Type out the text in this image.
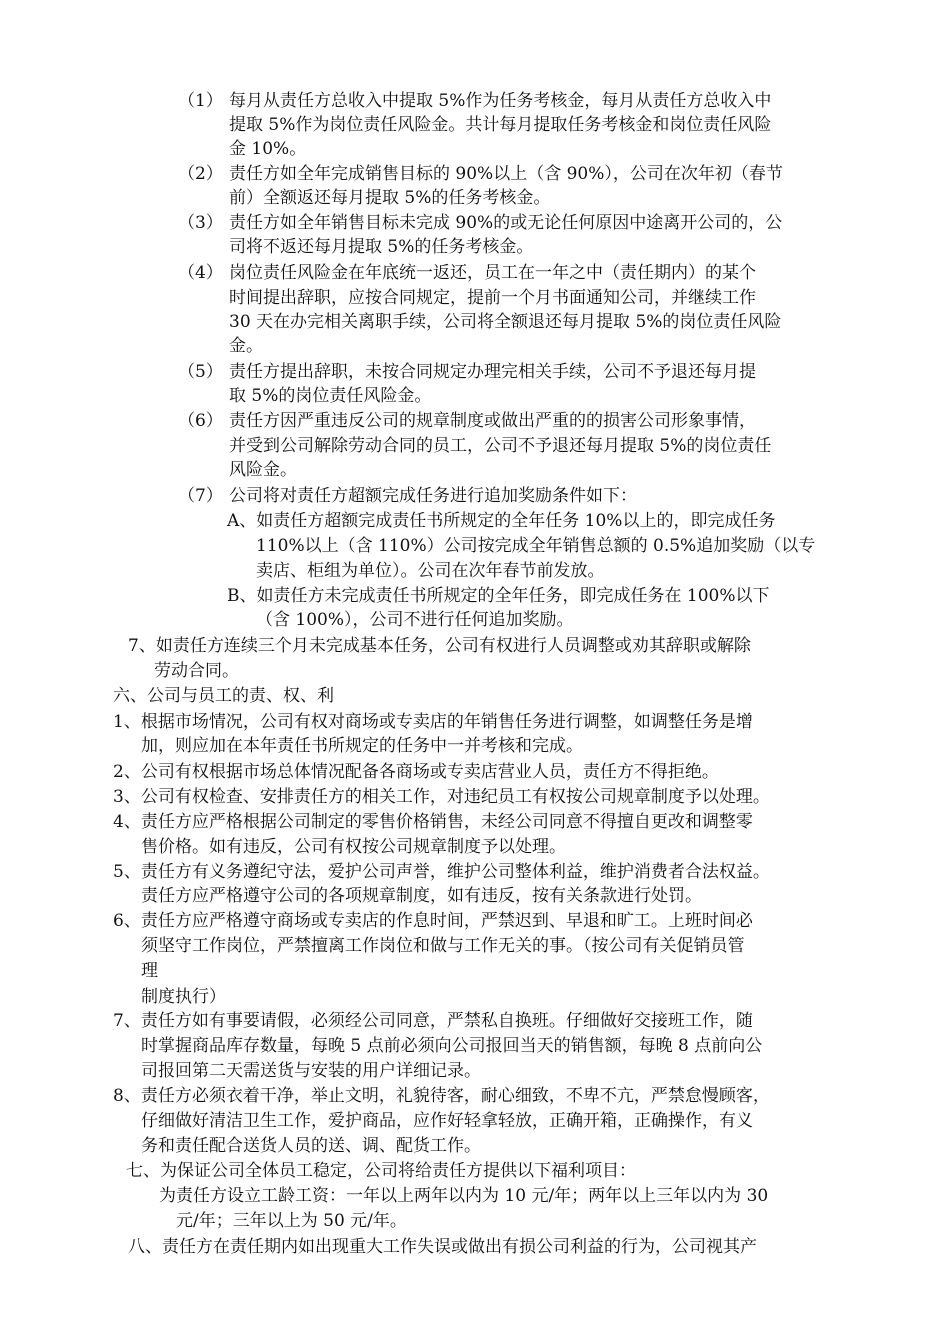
（1） 每月从责任方总收入中提取 5%作为任务考核金，每月从责任方总收入中
提取 5%作为岗位责任风险金。共计每月提取任务考核金和岗位责任风险
金 10%。
（2） 责任方如全年完成销售目标的 90%以上（含 90%），公司在次年初（春节
前）全额返还每月提取 5%的任务考核金。
（3） 责任方如全年销售目标未完成 90%的或无论任何原因中途离开公司的，公
司将不返还每月提取 5%的任务考核金。
（4） 岗位责任风险金在年底统一返还，员工在一年之中（责任期内）的某个
时间提出辞职，应按合同规定，提前一个月书面通知公司，并继续工作
30 天在办完相关离职手续，公司将全额退还每月提取 5%的岗位责任风险
金。
（5） 责任方提出辞职，未按合同规定办理完相关手续，公司不予退还每月提
取 5%的岗位责任风险金。
（6） 责任方因严重违反公司的规章制度或做出严重的的损害公司形象事情，
并受到公司解除劳动合同的员工，公司不予退还每月提取 5%的岗位责任
风险金。
（7） 公司将对责任方超额完成任务进行追加奖励条件如下：
A、如责任方超额完成责任书所规定的全年任务 10%以上的，即完成任务
110%以上（含 110%）公司按完成全年销售总额的 0.5%追加奖励（以专
卖店、柜组为单位）。公司在次年春节前发放。
B、如责任方未完成责任书所规定的全年任务，即完成任务在 100%以下
（含 100%），公司不进行任何追加奖励。
7、如责任方连续三个月未完成基本任务，公司有权进行人员调整或劝其辞职或解除
劳动合同。
六、公司与员工的责、权、利
1、根据市场情况，公司有权对商场或专卖店的年销售任务进行调整，如调整任务是增
加，则应加在本年责任书所规定的任务中一并考核和完成。
2、公司有权根据市场总体情况配备各商场或专卖店营业人员，责任方不得拒绝。
3、公司有权检查、安排责任方的相关工作，对违纪员工有权按公司规章制度予以处理。
4、责任方应严格根据公司制定的零售价格销售，未经公司同意不得擅自更改和调整零
售价格。如有违反，公司有权按公司规章制度予以处理。
5、责任方有义务遵纪守法，爱护公司声誉，维护公司整体利益，维护消费者合法权益。
责任方应严格遵守公司的各项规章制度，如有违反，按有关条款进行处罚。
6、责任方应严格遵守商场或专卖店的作息时间，严禁迟到、早退和旷工。上班时间必
须坚守工作岗位，严禁擅离工作岗位和做与工作无关的事。（按公司有关促销员管
理
制度执行）
7、责任方如有事要请假，必须经公司同意，严禁私自换班。仔细做好交接班工作，随
时掌握商品库存数量，每晚 5 点前必须向公司报回当天的销售额，每晚 8 点前向公
司报回第二天需送货与安装的用户详细记录。
8、责任方必须衣着干净，举止文明，礼貌待客，耐心细致，不卑不亢，严禁怠慢顾客，
仔细做好清洁卫生工作，爱护商品，应作好轻拿轻放，正确开箱，正确操作，有义
务和责任配合送货人员的送、调、配货工作。
七、为保证公司全体员工稳定，公司将给责任方提供以下福利项目：
为责任方设立工龄工资：一年以上两年以内为 10 元/年；两年以上三年以内为 30
元/年；三年以上为 50 元/年。
八、责任方在责任期内如出现重大工作失误或做出有损公司利益的行为，公司视其产
